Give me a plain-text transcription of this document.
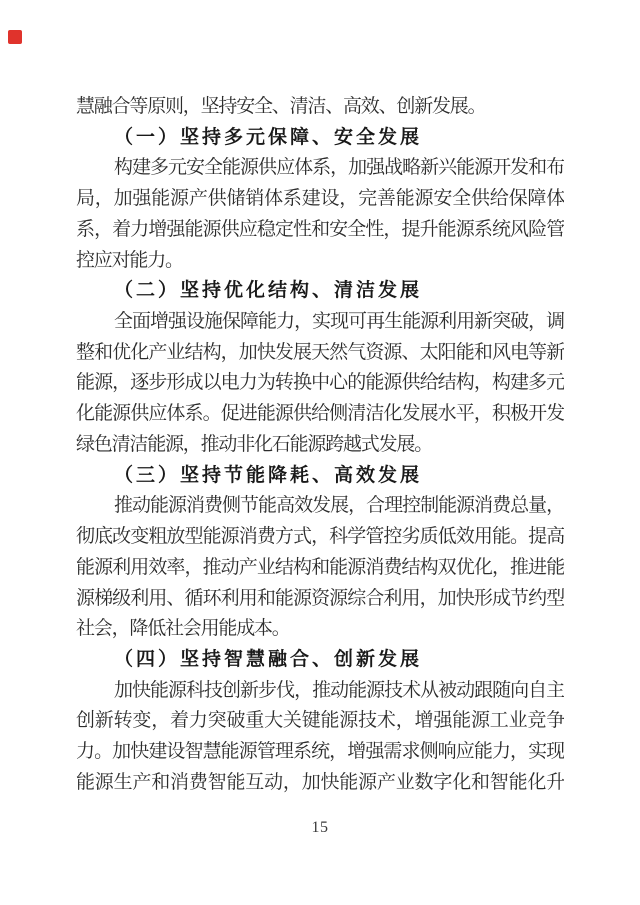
慧融合等原则，坚持安全、清洁、高效、创新发展。
（一）坚持多元保障、安全发展
构建多元安全能源供应体系，加强战略新兴能源开发和布
局，加强能源产供储销体系建设，完善能源安全供给保障体
系，着力增强能源供应稳定性和安全性，提升能源系统风险管
控应对能力。
（二）坚持优化结构、清洁发展
全面增强设施保障能力，实现可再生能源利用新突破，调
整和优化产业结构，加快发展天然气资源、太阳能和风电等新
能源，逐步形成以电力为转换中心的能源供给结构，构建多元
化能源供应体系。促进能源供给侧清洁化发展水平，积极开发
绿色清洁能源，推动非化石能源跨越式发展。
（三）坚持节能降耗、高效发展
推动能源消费侧节能高效发展，合理控制能源消费总量，
彻底改变粗放型能源消费方式，科学管控劣质低效用能。提高
能源利用效率，推动产业结构和能源消费结构双优化，推进能
源梯级利用、循环利用和能源资源综合利用，加快形成节约型
社会，降低社会用能成本。
（四）坚持智慧融合、创新发展
加快能源科技创新步伐，推动能源技术从被动跟随向自主
创新转变，着力突破重大关键能源技术，增强能源工业竞争
力。加快建设智慧能源管理系统，增强需求侧响应能力，实现
能源生产和消费智能互动，加快能源产业数字化和智能化升
15
